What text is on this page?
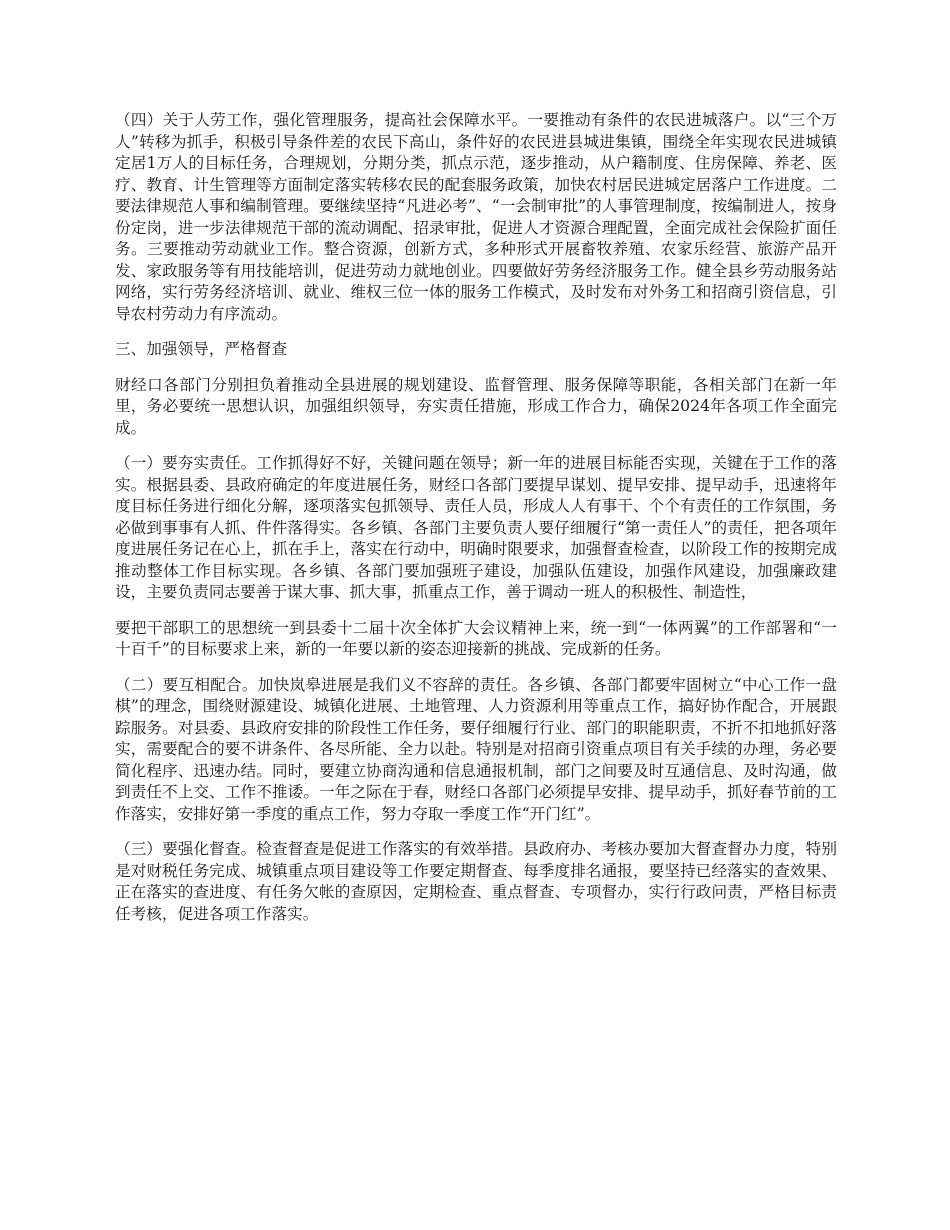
（四）关于人劳工作，强化管理服务，提高社会保障水平。一要推动有条件的农民进城落户。以“三个万人”转移为抓手，积极引导条件差的农民下高山，条件好的农民进县城进集镇，围绕全年实现农民进城镇定居1万人的目标任务，合理规划，分期分类，抓点示范，逐步推动，从户籍制度、住房保障、养老、医疗、教育、计生管理等方面制定落实转移农民的配套服务政策，加快农村居民进城定居落户工作进度。二要法律规范人事和编制管理。要继续坚持“凡进必考”、“一会制审批”的人事管理制度，按编制进人，按身份定岗，进一步法律规范干部的流动调配、招录审批，促进人才资源合理配置，全面完成社会保险扩面任务。三要推动劳动就业工作。整合资源，创新方式，多种形式开展畜牧养殖、农家乐经营、旅游产品开发、家政服务等有用技能培训，促进劳动力就地创业。四要做好劳务经济服务工作。健全县乡劳动服务站网络，实行劳务经济培训、就业、维权三位一体的服务工作模式，及时发布对外务工和招商引资信息，引导农村劳动力有序流动。

三、加强领导，严格督查

财经口各部门分别担负着推动全县进展的规划建设、监督管理、服务保障等职能，各相关部门在新一年里，务必要统一思想认识，加强组织领导，夯实责任措施，形成工作合力，确保2024年各项工作全面完成。

（一）要夯实责任。工作抓得好不好，关键问题在领导；新一年的进展目标能否实现，关键在于工作的落实。根据县委、县政府确定的年度进展任务，财经口各部门要提早谋划、提早安排、提早动手，迅速将年度目标任务进行细化分解，逐项落实包抓领导、责任人员，形成人人有事干、个个有责任的工作氛围，务必做到事事有人抓、件件落得实。各乡镇、各部门主要负责人要仔细履行“第一责任人”的责任，把各项年度进展任务记在心上，抓在手上，落实在行动中，明确时限要求，加强督查检查，以阶段工作的按期完成推动整体工作目标实现。各乡镇、各部门要加强班子建设，加强队伍建设，加强作风建设，加强廉政建设，主要负责同志要善于谋大事、抓大事，抓重点工作，善于调动一班人的积极性、制造性，

要把干部职工的思想统一到县委十二届十次全体扩大会议精神上来，统一到“一体两翼”的工作部署和“一十百千”的目标要求上来，新的一年要以新的姿态迎接新的挑战、完成新的任务。

（二）要互相配合。加快岚皋进展是我们义不容辞的责任。各乡镇、各部门都要牢固树立“中心工作一盘棋”的理念，围绕财源建设、城镇化进展、土地管理、人力资源利用等重点工作，搞好协作配合，开展跟踪服务。对县委、县政府安排的阶段性工作任务，要仔细履行行业、部门的职能职责，不折不扣地抓好落实，需要配合的要不讲条件、各尽所能、全力以赴。特别是对招商引资重点项目有关手续的办理，务必要简化程序、迅速办结。同时，要建立协商沟通和信息通报机制，部门之间要及时互通信息、及时沟通，做到责任不上交、工作不推诿。一年之际在于春，财经口各部门必须提早安排、提早动手，抓好春节前的工作落实，安排好第一季度的重点工作，努力夺取一季度工作“开门红”。

（三）要强化督查。检查督查是促进工作落实的有效举措。县政府办、考核办要加大督查督办力度，特别是对财税任务完成、城镇重点项目建设等工作要定期督查、每季度排名通报，要坚持已经落实的查效果、正在落实的查进度、有任务欠帐的查原因，定期检查、重点督查、专项督办，实行行政问责，严格目标责任考核，促进各项工作落实。
